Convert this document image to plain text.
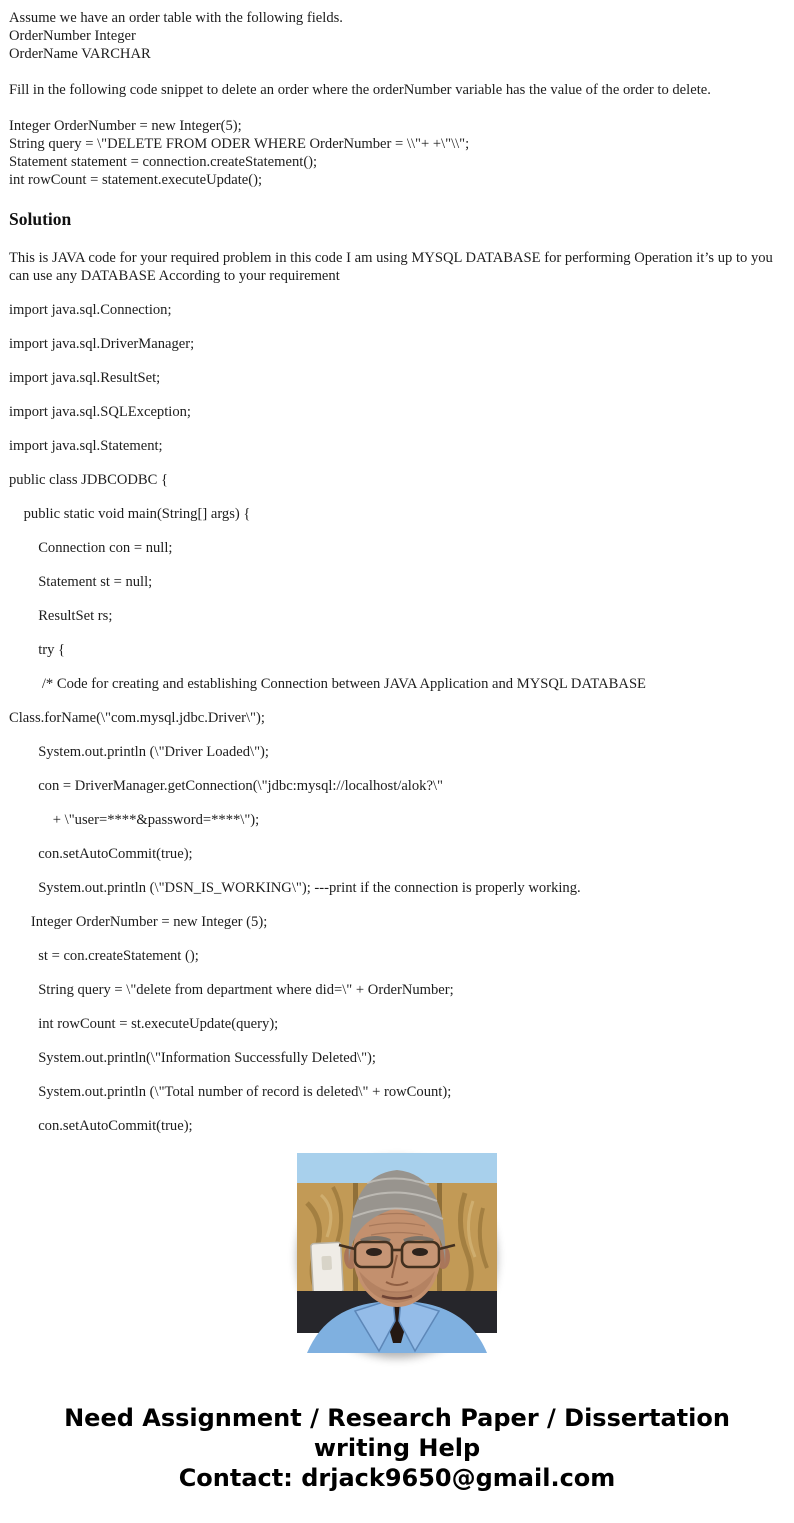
Assume we have an order table with the following fields.
OrderNumber Integer
OrderName VARCHAR
Fill in the following code snippet to delete an order where the orderNumber variable has the value of the order to delete.
Integer OrderNumber = new Integer(5);
String query = \"DELETE FROM ODER WHERE OrderNumber = \\"+ +\"\\";
Statement statement = connection.createStatement();
int rowCount = statement.executeUpdate();
Solution

This is JAVA code for your required problem in this code I am using MYSQL DATABASE for performing Operation it’s up to you can use any DATABASE According to your requirement

import java.sql.Connection;

import java.sql.DriverManager;

import java.sql.ResultSet;

import java.sql.SQLException;

import java.sql.Statement;

public class JDBCODBC {

public static void main(String[] args) {

Connection con = null;

Statement st = null;

ResultSet rs;

try {

/* Code for creating and establishing Connection between JAVA Application and MYSQL DATABASE

Class.forName(\"com.mysql.jdbc.Driver\");

System.out.println (\"Driver Loaded\");

con = DriverManager.getConnection(\"jdbc:mysql://localhost/alok?\"

+ \"user=****&password=****\");

con.setAutoCommit(true);

System.out.println (\"DSN_IS_WORKING\"); ---print if the connection is properly working.

Integer OrderNumber = new Integer (5);

st = con.createStatement ();

String query = \"delete from department where did=\" + OrderNumber;

int rowCount = st.executeUpdate(query);

System.out.println(\"Information Successfully Deleted\");

System.out.println (\"Total number of record is deleted\" + rowCount);

con.setAutoCommit(true);

Need Assignment / Research Paper / Dissertation writing Help
Contact: drjack9650@gmail.com
